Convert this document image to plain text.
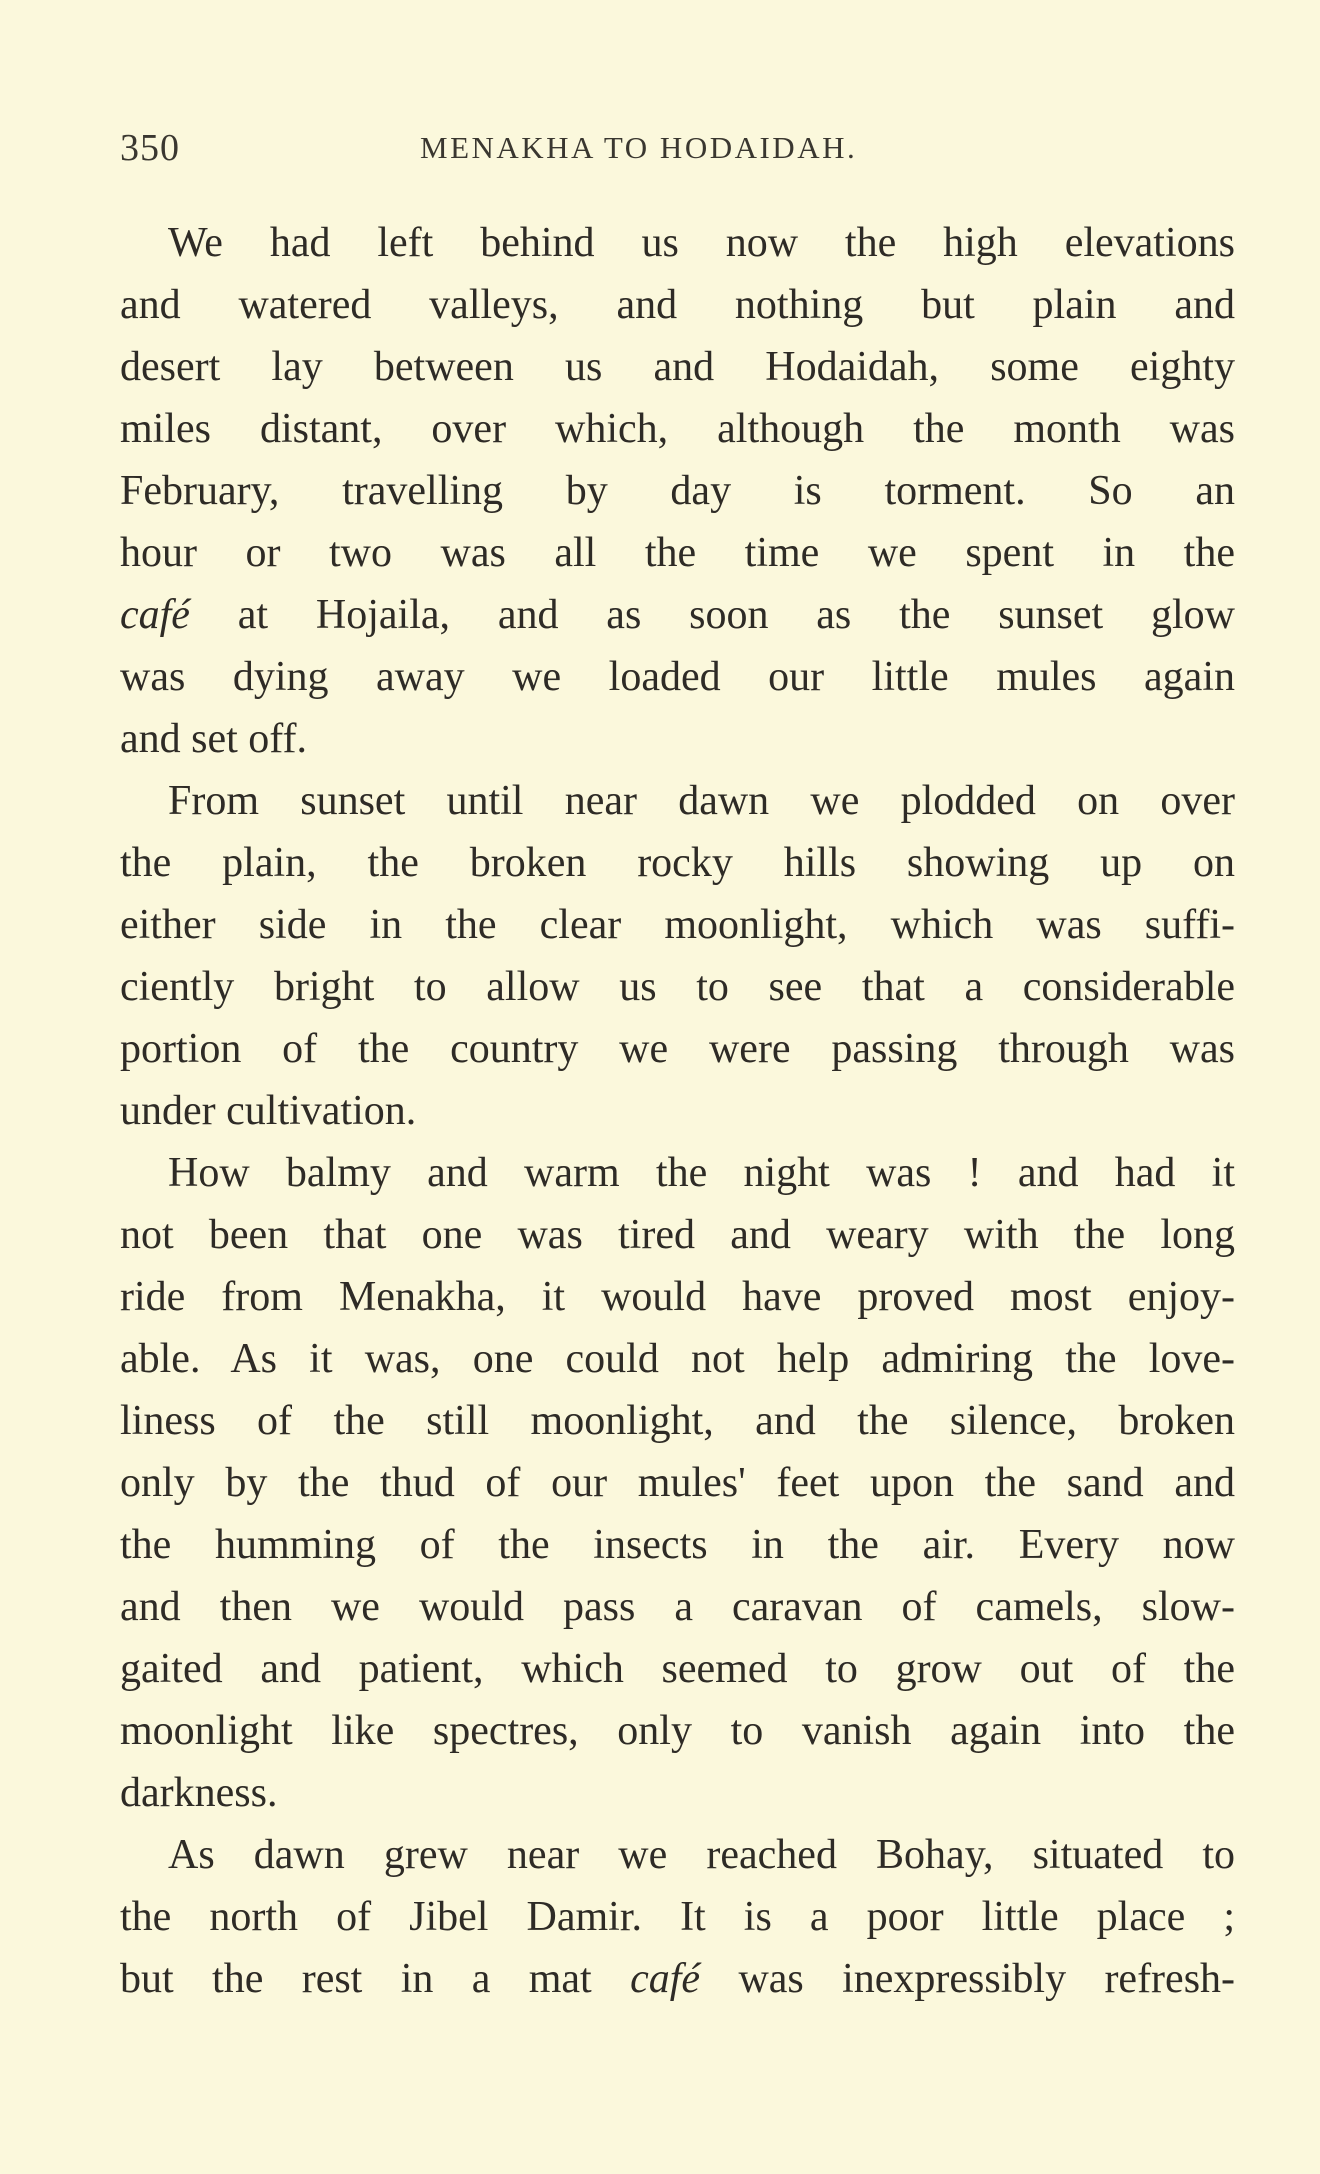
350	MENAKHA TO HODAIDAH.
We had left behind us now the high elevations
and watered valleys, and nothing but plain and
desert lay between us and Hodaidah, some eighty
miles distant, over which, although the month was
February, travelling by day is torment. So an
hour or two was all the time we spent in the
café at Hojaila, and as soon as the sunset glow
was dying away we loaded our little mules again
and set off.
From sunset until near dawn we plodded on over
the plain, the broken rocky hills showing up on
either side in the clear moonlight, which was suffi-
ciently bright to allow us to see that a considerable
portion of the country we were passing through was
under cultivation.
How balmy and warm the night was ! and had it
not been that one was tired and weary with the long
ride from Menakha, it would have proved most enjoy-
able. As it was, one could not help admiring the love-
liness of the still moonlight, and the silence, broken
only by the thud of our mules' feet upon the sand and
the humming of the insects in the air. Every now
and then we would pass a caravan of camels, slow-
gaited and patient, which seemed to grow out of the
moonlight like spectres, only to vanish again into the
darkness.
As dawn grew near we reached Bohay, situated to
the north of Jibel Damir. It is a poor little place ;
but the rest in a mat café was inexpressibly refresh-
